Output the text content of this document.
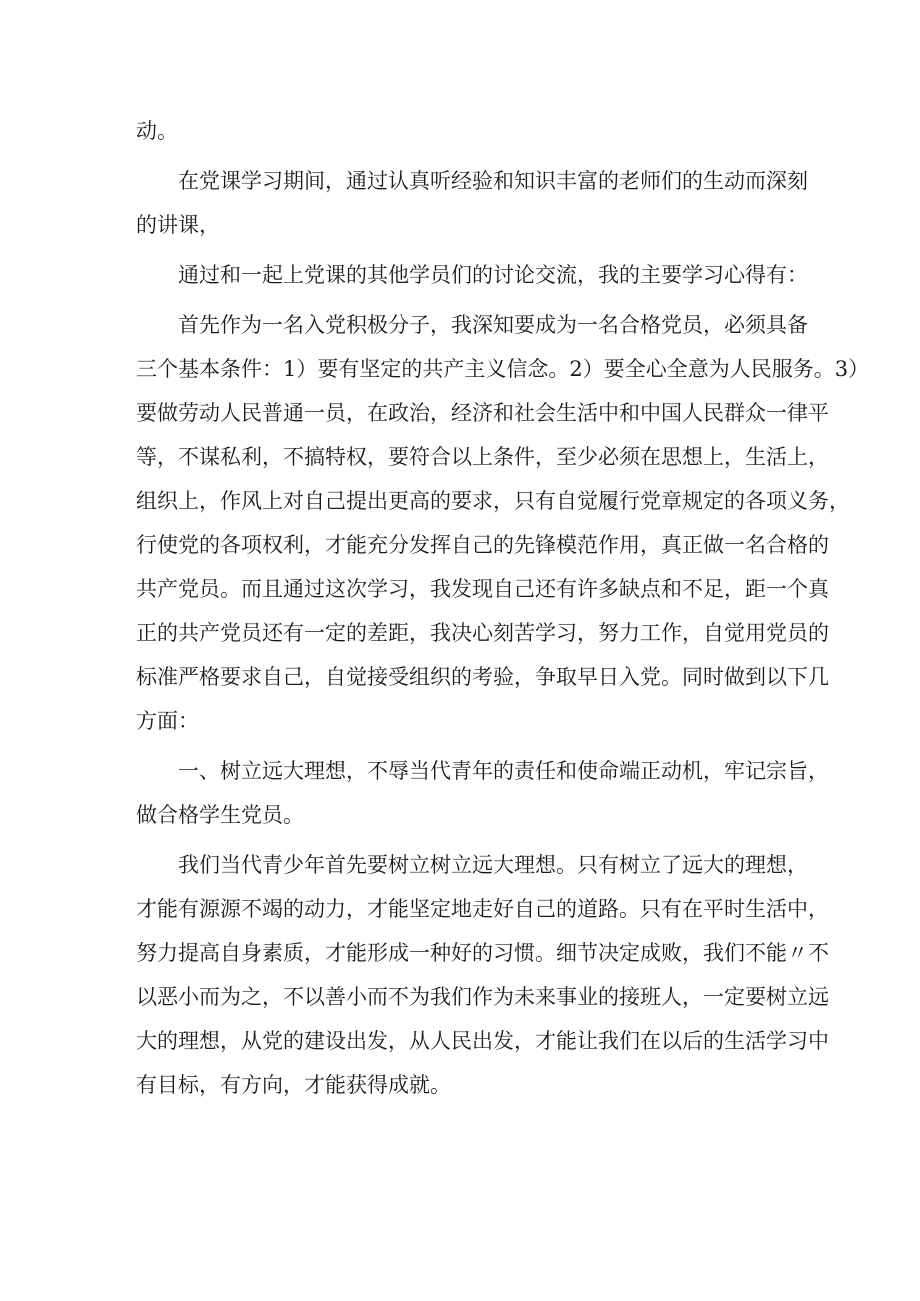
动。

在党课学习期间，通过认真听经验和知识丰富的老师们的生动而深刻

的讲课，

通过和一起上党课的其他学员们的讨论交流，我的主要学习心得有：

首先作为一名入党积极分子，我深知要成为一名合格党员，必须具备

三个基本条件：1）要有坚定的共产主义信念。2）要全心全意为人民服务。3）

要做劳动人民普通一员，在政治，经济和社会生活中和中国人民群众一律平

等，不谋私利，不搞特权，要符合以上条件，至少必须在思想上，生活上，

组织上，作风上对自己提出更高的要求，只有自觉履行党章规定的各项义务，

行使党的各项权利，才能充分发挥自己的先锋模范作用，真正做一名合格的

共产党员。而且通过这次学习，我发现自己还有许多缺点和不足，距一个真

正的共产党员还有一定的差距，我决心刻苦学习，努力工作，自觉用党员的

标准严格要求自己，自觉接受组织的考验，争取早日入党。同时做到以下几

方面：

一、树立远大理想，不辱当代青年的责任和使命端正动机，牢记宗旨，

做合格学生党员。

我们当代青少年首先要树立树立远大理想。只有树立了远大的理想，

才能有源源不竭的动力，才能坚定地走好自己的道路。只有在平时生活中，

努力提高自身素质，才能形成一种好的习惯。细节决定成败，我们不能〃不

以恶小而为之，不以善小而不为我们作为未来事业的接班人，一定要树立远

大的理想，从党的建设出发，从人民出发，才能让我们在以后的生活学习中

有目标，有方向，才能获得成就。
